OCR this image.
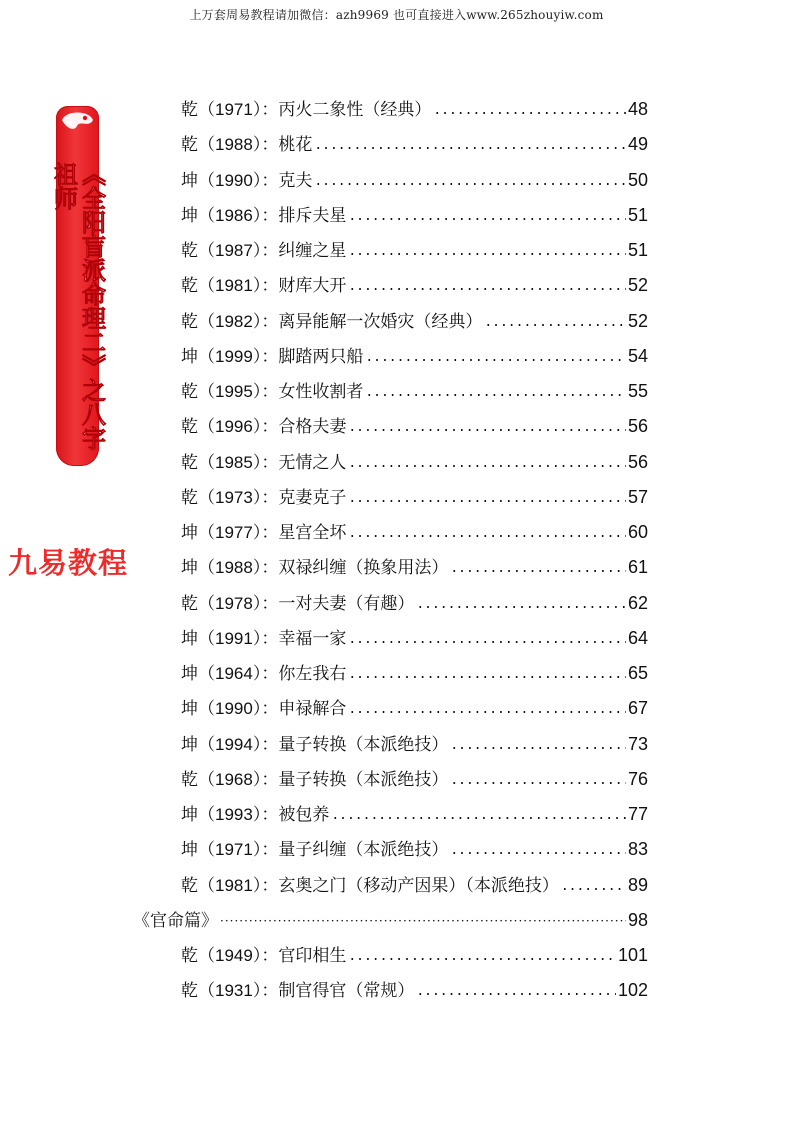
上万套周易教程请加微信：azh9969 也可直接进入www.265zhouyiw.com
《全阳盲派命理二》之八字祖师
九易教程
乾 （ 1971 ）： 丙火二象性（经典） .....	48
乾 （ 1988 ）： 桃花 .....	49
坤 （ 1990 ）： 克夫 .....	50
坤 （ 1986 ）： 排斥夫星 .....	51
乾 （ 1987 ）： 纠缠之星 .....	51
乾 （ 1981 ）： 财库大开 .....	52
乾 （ 1982 ）： 离异能解一次婚灾（经典） .....	52
坤 （ 1999 ）： 脚踏两只船 .....	54
乾 （ 1995 ）： 女性收割者 .....	55
乾 （ 1996 ）： 合格夫妻 .....	56
乾 （ 1985 ）： 无情之人 .....	56
乾 （ 1973 ）： 克妻克子 .....	57
坤 （ 1977 ）： 星宫全坏 .....	60
坤 （ 1988 ）： 双禄纠缠（换象用法） .....	61
乾 （ 1978 ）： 一对夫妻（有趣） .....	62
坤 （ 1991 ）： 幸福一家 .....	64
坤 （ 1964 ）： 你左我右 .....	65
坤 （ 1990 ）： 申禄解合 .....	67
坤 （ 1994 ）： 量子转换（本派绝技） .....	73
乾 （ 1968 ）： 量子转换（本派绝技） .....	76
坤 （ 1993 ）： 被包养 .....	77
坤 （ 1971 ）： 量子纠缠（本派绝技） .....	83
乾 （ 1981 ）： 玄奥之门（移动产因果）（本派绝技） .....	89
《官命篇》 ·····	98
乾 （ 1949 ）： 官印相生 .....	101
乾 （ 1931 ）： 制官得官（常规） .....	102
